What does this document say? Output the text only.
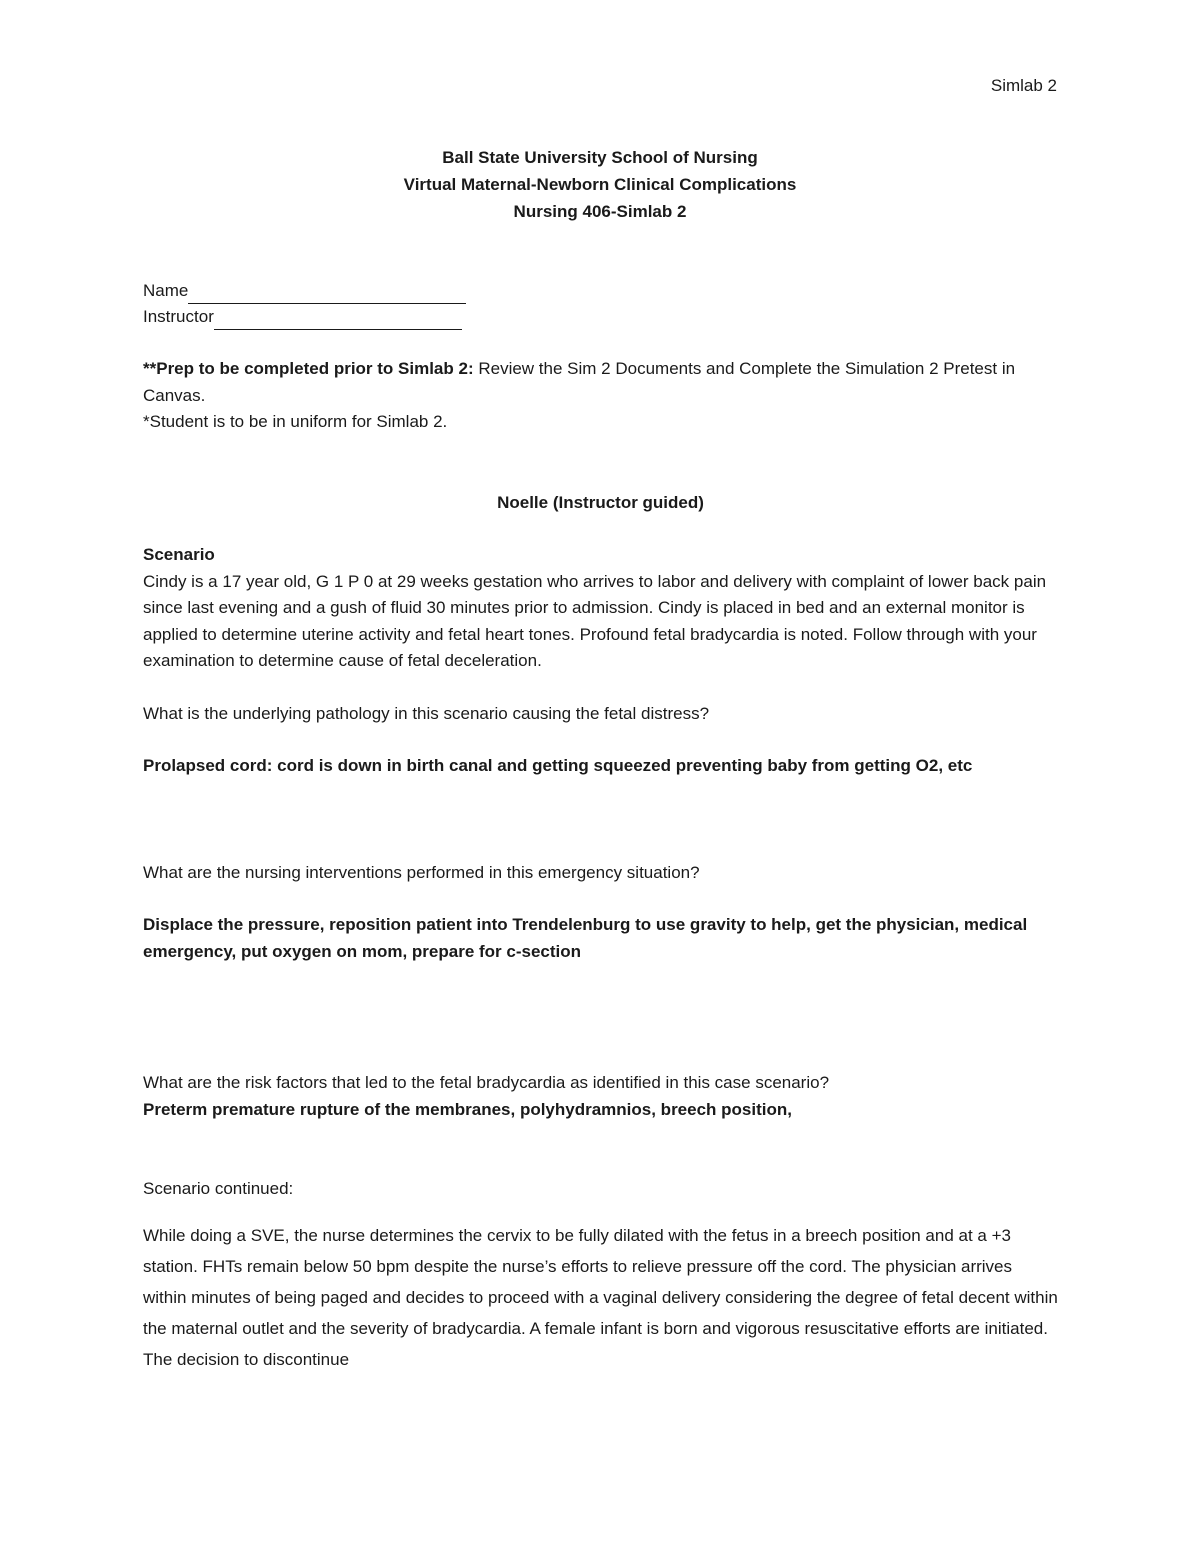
Simlab 2
Ball State University School of Nursing
Virtual Maternal-Newborn Clinical Complications
Nursing 406-Simlab 2
Name
Instructor
**Prep to be completed prior to Simlab 2: Review the Sim 2 Documents and Complete the Simulation 2 Pretest in Canvas.
*Student is to be in uniform for Simlab 2.
Noelle (Instructor guided)
Scenario

Cindy is a 17 year old, G 1 P 0 at 29 weeks gestation who arrives to labor and delivery with complaint of lower back pain since last evening and a gush of fluid 30 minutes prior to admission. Cindy is placed in bed and an external monitor is applied to determine uterine activity and fetal heart tones. Profound fetal bradycardia is noted. Follow through with your examination to determine cause of fetal deceleration.

What is the underlying pathology in this scenario causing the fetal distress?

Prolapsed cord: cord is down in birth canal and getting squeezed preventing baby from getting O2, etc

What are the nursing interventions performed in this emergency situation?

Displace the pressure, reposition patient into Trendelenburg to use gravity to help, get the physician, medical emergency, put oxygen on mom, prepare for c-section

What are the risk factors that led to the fetal bradycardia as identified in this case scenario?

Preterm premature rupture of the membranes, polyhydramnios, breech position,

Scenario continued:

While doing a SVE, the nurse determines the cervix to be fully dilated with the fetus in a breech position and at a +3 station. FHTs remain below 50 bpm despite the nurse’s efforts to relieve pressure off the cord. The physician arrives within minutes of being paged and decides to proceed with a vaginal delivery considering the degree of fetal decent within the maternal outlet and the severity of bradycardia. A female infant is born and vigorous resuscitative efforts are initiated. The decision to discontinue
